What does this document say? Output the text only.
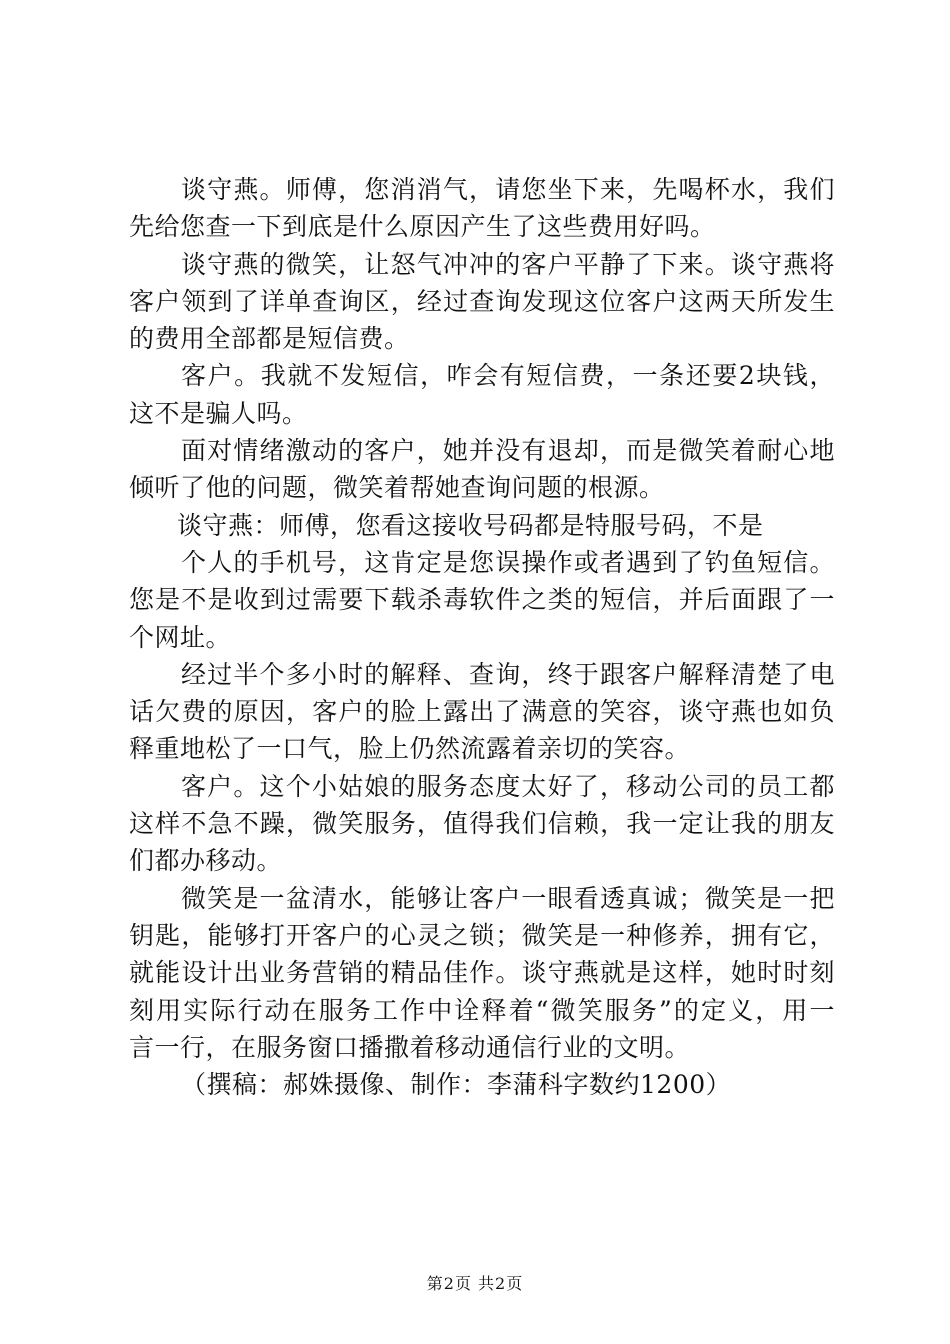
谈守燕。师傅，您消消气，请您坐下来，先喝杯水，我们
先给您查一下到底是什么原因产生了这些费用好吗。
谈守燕的微笑，让怒气冲冲的客户平静了下来。谈守燕将
客户领到了详单查询区，经过查询发现这位客户这两天所发生
的费用全部都是短信费。
客户。我就不发短信，咋会有短信费，一条还要2块钱，
这不是骗人吗。
面对情绪激动的客户，她并没有退却，而是微笑着耐心地
倾听了他的问题，微笑着帮她查询问题的根源。
谈守燕：师傅，您看这接收号码都是特服号码，不是
个人的手机号，这肯定是您误操作或者遇到了钓鱼短信。
您是不是收到过需要下载杀毒软件之类的短信，并后面跟了一
个网址。
经过半个多小时的解释、查询，终于跟客户解释清楚了电
话欠费的原因，客户的脸上露出了满意的笑容，谈守燕也如负
释重地松了一口气，脸上仍然流露着亲切的笑容。
客户。这个小姑娘的服务态度太好了，移动公司的员工都
这样不急不躁，微笑服务，值得我们信赖，我一定让我的朋友
们都办移动。
微笑是一盆清水，能够让客户一眼看透真诚；微笑是一把
钥匙，能够打开客户的心灵之锁；微笑是一种修养，拥有它，
就能设计出业务营销的精品佳作。谈守燕就是这样，她时时刻
刻用实际行动在服务工作中诠释着“微笑服务”的定义，用一
言一行，在服务窗口播撒着移动通信行业的文明。
（撰稿：郝姝摄像、制作：李蒲科字数约1200）
第2页 共2页
